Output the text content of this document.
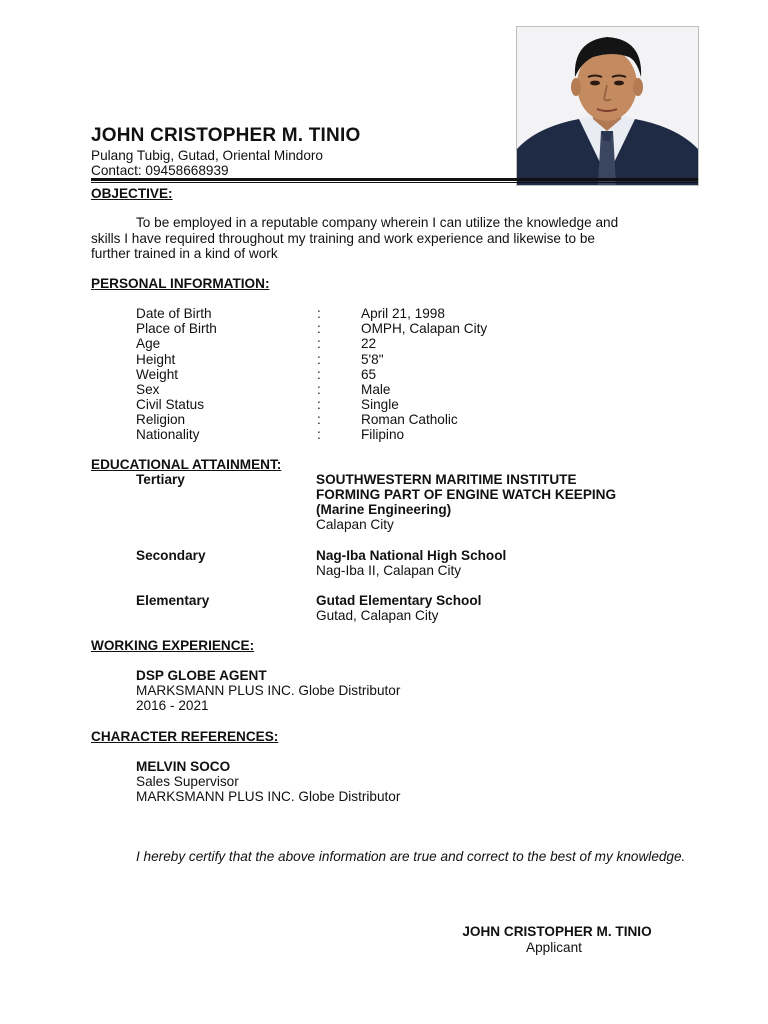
JOHN CRISTOPHER M. TINIO
Pulang Tubig, Gutad, Oriental Mindoro
Contact: 09458668939
OBJECTIVE:
To be employed in a reputable company wherein I can utilize the knowledge and
skills I have required throughout my training and work experience and likewise to be
further trained in a kind of work
PERSONAL INFORMATION:
Date of Birth	:	April 21, 1998
Place of Birth	:	OMPH, Calapan City
Age	:	22
Height	:	5'8"
Weight	:	65
Sex	:	Male
Civil Status	:	Single
Religion	:	Roman Catholic
Nationality	:	Filipino
EDUCATIONAL ATTAINMENT:
Tertiary	SOUTHWESTERN MARITIME INSTITUTE
FORMING PART OF ENGINE WATCH KEEPING
(Marine Engineering)
Calapan City
Secondary	Nag-Iba National High School
Nag-Iba II, Calapan City
Elementary	Gutad Elementary School
Gutad, Calapan City
WORKING EXPERIENCE:
DSP GLOBE AGENT
MARKSMANN PLUS INC. Globe Distributor
2016 - 2021
CHARACTER REFERENCES:
MELVIN SOCO
Sales Supervisor
MARKSMANN PLUS INC. Globe Distributor
I hereby certify that the above information are true and correct to the best of my knowledge.
JOHN CRISTOPHER M. TINIO
Applicant
